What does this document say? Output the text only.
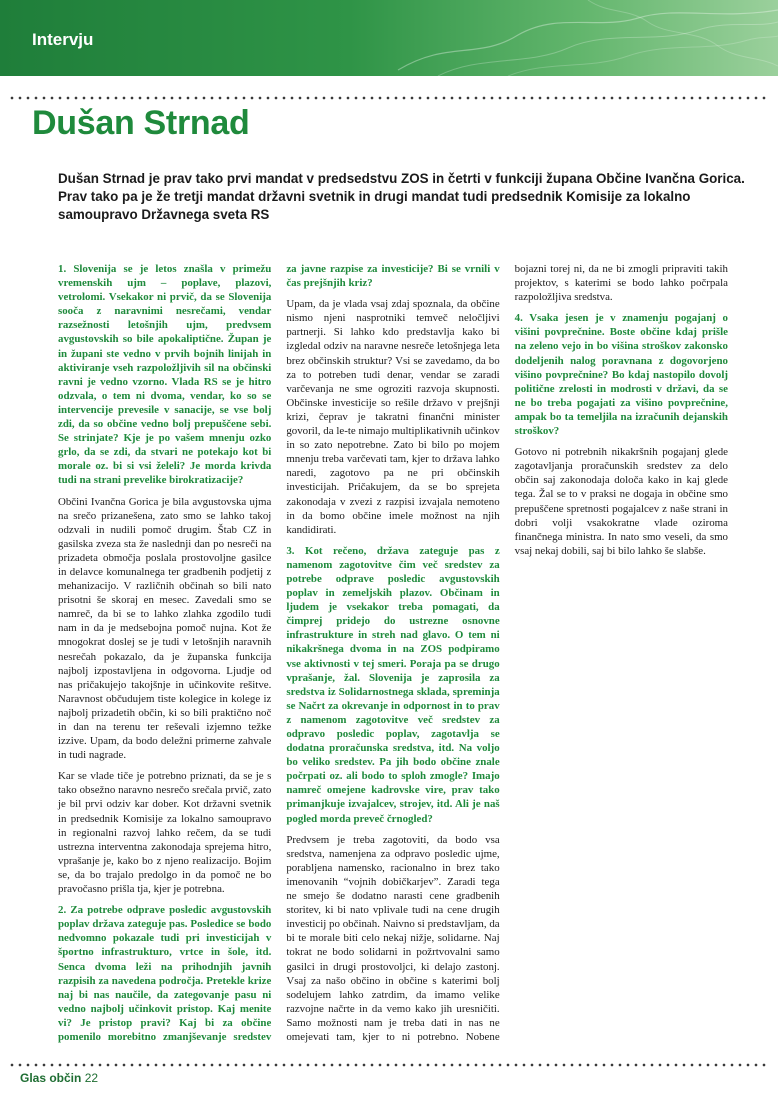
Intervju
Dušan Strnad

Dušan Strnad je prav tako prvi mandat v predsedstvu ZOS in četrti v funkciji župana Občine Ivančna Gorica. Prav tako pa je že tretji mandat državni svetnik in drugi mandat tudi predsednik Komisije za lokalno samoupravo Državnega sveta RS

1. Slovenija se je letos znašla v primežu vremenskih ujm – poplave, plazovi, vetrolomi. Vsekakor ni prvič, da se Slovenija sooča z naravnimi nesrečami, vendar razsežnosti letošnjih ujm, predvsem avgustovskih so bile apokaliptične. Župan je in župani ste vedno v prvih bojnih linijah in aktiviranje vseh razpoložljivih sil na občinski ravni je vedno vzorno. Vlada RS se je hitro odzvala, o tem ni dvoma, vendar, ko so se intervencije prevesile v sanacije, se vse bolj zdi, da so občine vedno bolj prepuščene sebi. Se strinjate? Kje je po vašem mnenju ozko grlo, da se zdi, da stvari ne potekajo kot bi morale oz. bi si vsi želeli? Je morda krivda tudi na strani prevelike birokratizacije?

Občini Ivančna Gorica je bila avgustovska ujma na srečo prizanešena, zato smo se lahko takoj odzvali in nudili pomoč drugim. Štab CZ in gasilska zveza sta že naslednji dan po nesreči na prizadeta območja poslala prostovoljne gasilce in delavce komunalnega ter gradbenih podjetij z mehanizacijo. V različnih občinah so bili nato prisotni še skoraj en mesec. Zavedali smo se namreč, da bi se to lahko zlahka zgodilo tudi nam in da je medsebojna pomoč nujna. Kot že mnogokrat doslej se je tudi v letošnjih naravnih nesrečah pokazalo, da je županska funkcija najbolj izpostavljena in odgovorna. Ljudje od nas pričakujejo takojšnje in učinkovite rešitve. Naravnost občudujem tiste kolegice in kolege iz najbolj prizadetih občin, ki so bili praktično noč in dan na terenu ter reševali izjemno težke izzive. Upam, da bodo deležni primerne zahvale in tudi nagrade.

Kar se vlade tiče je potrebno priznati, da se je s tako obsežno naravno nesrečo srečala prvič, zato je bil prvi odziv kar dober. Kot državni svetnik in predsednik Komisije za lokalno samoupravo in regionalni razvoj lahko rečem, da se tudi ustrezna interventna zakonodaja sprejema hitro, vprašanje je, kako bo z njeno realizacijo. Bojim se, da bo trajalo predolgo in da pomoč ne bo pravočasno prišla tja, kjer je potrebna.

2. Za potrebe odprave posledic avgustovskih poplav država zateguje pas. Posledice se bodo nedvomno pokazale tudi pri investicijah v športno infrastrukturo, vrtce in šole, itd. Senca dvoma leži na prihodnjih javnih razpisih za navedena področja. Pretekle krize naj bi nas naučile, da zategovanje pasu ni vedno najbolj učinkovit pristop. Kaj menite vi? Je pristop pravi? Kaj bi za občine pomenilo morebitno zmanjševanje sredstev za javne razpise za investicije? Bi se vrnili v čas prejšnjih kriz?

Upam, da je vlada vsaj zdaj spoznala, da občine nismo njeni nasprotniki temveč neločljivi partnerji. Si lahko kdo predstavlja kako bi izgledal odziv na naravne nesreče letošnjega leta brez občinskih struktur? Vsi se zavedamo, da bo za to potreben tudi denar, vendar se zaradi varčevanja ne sme ogroziti razvoja skupnosti. Občinske investicije so rešile državo v prejšnji krizi, čeprav je takratni finančni minister govoril, da le-te nimajo multiplikativnih učinkov in so zato nepotrebne. Zato bi bilo po mojem mnenju treba varčevati tam, kjer to država lahko naredi, zagotovo pa ne pri občinskih investicijah. Pričakujem, da se bo sprejeta zakonodaja v zvezi z razpisi izvajala nemoteno in da bomo občine imele možnost na njih kandidirati.

3. Kot rečeno, država zateguje pas z namenom zagotovitve čim več sredstev za potrebe odprave posledic avgustovskih poplav in zemeljskih plazov. Občinam in ljudem je vsekakor treba pomagati, da čimprej pridejo do ustrezne osnovne infrastrukture in streh nad glavo. O tem ni nikakršnega dvoma in na ZOS podpiramo vse aktivnosti v tej smeri. Poraja pa se drugo vprašanje, žal. Slovenija je zaprosila za sredstva iz Solidarnostnega sklada, spreminja se Načrt za okrevanje in odpornost in to prav z namenom zagotovitve več sredstev za odpravo posledic poplav, zagotavlja se dodatna proračunska sredstva, itd. Na voljo bo veliko sredstev. Pa jih bodo občine znale počrpati oz. ali bodo to sploh zmogle? Imajo namreč omejene kadrovske vire, prav tako primanjkuje izvajalcev, strojev, itd. Ali je naš pogled morda preveč črnogled?

Predvsem je treba zagotoviti, da bodo vsa sredstva, namenjena za odpravo posledic ujme, porabljena namensko, racionalno in brez tako imenovanih “vojnih dobičkarjev”. Zaradi tega ne smejo še dodatno narasti cene gradbenih storitev, ki bi nato vplivale tudi na cene drugih investicij po občinah. Naivno si predstavljam, da bi te morale biti celo nekaj nižje, solidarne. Naj tokrat ne bodo solidarni in požrtvovalni samo gasilci in drugi prostovoljci, ki delajo zastonj. Vsaj za našo občino in občine s katerimi bolj sodelujem lahko zatrdim, da imamo velike razvojne načrte in da vemo kako jih uresničiti. Samo možnosti nam je treba dati in nas ne omejevati tam, kjer to ni potrebno. Nobene bojazni torej ni, da ne bi zmogli pripraviti takih projektov, s katerimi se bodo lahko počrpala razpoložljiva sredstva.

4. Vsaka jesen je v znamenju pogajanj o višini povprečnine. Boste občine kdaj prišle na zeleno vejo in bo višina stroškov zakonsko dodeljenih nalog poravnana z dogovorjeno višino povprečnine? Bo kdaj nastopilo dovolj politične zrelosti in modrosti v državi, da se ne bo treba pogajati za višino povprečnine, ampak bo ta temeljila na izračunih dejanskih stroškov?

Gotovo ni potrebnih nikakršnih pogajanj glede zagotavljanja proračunskih sredstev za delo občin saj zakonodaja določa kako in kaj glede tega. Žal se to v praksi ne dogaja in občine smo prepuščene spretnosti pogajalcev z naše strani in dobri volji vsakokratne vlade oziroma finančnega ministra. In nato smo veseli, da smo vsaj nekaj dobili, saj bi bilo lahko še slabše.

Glas občin 22
